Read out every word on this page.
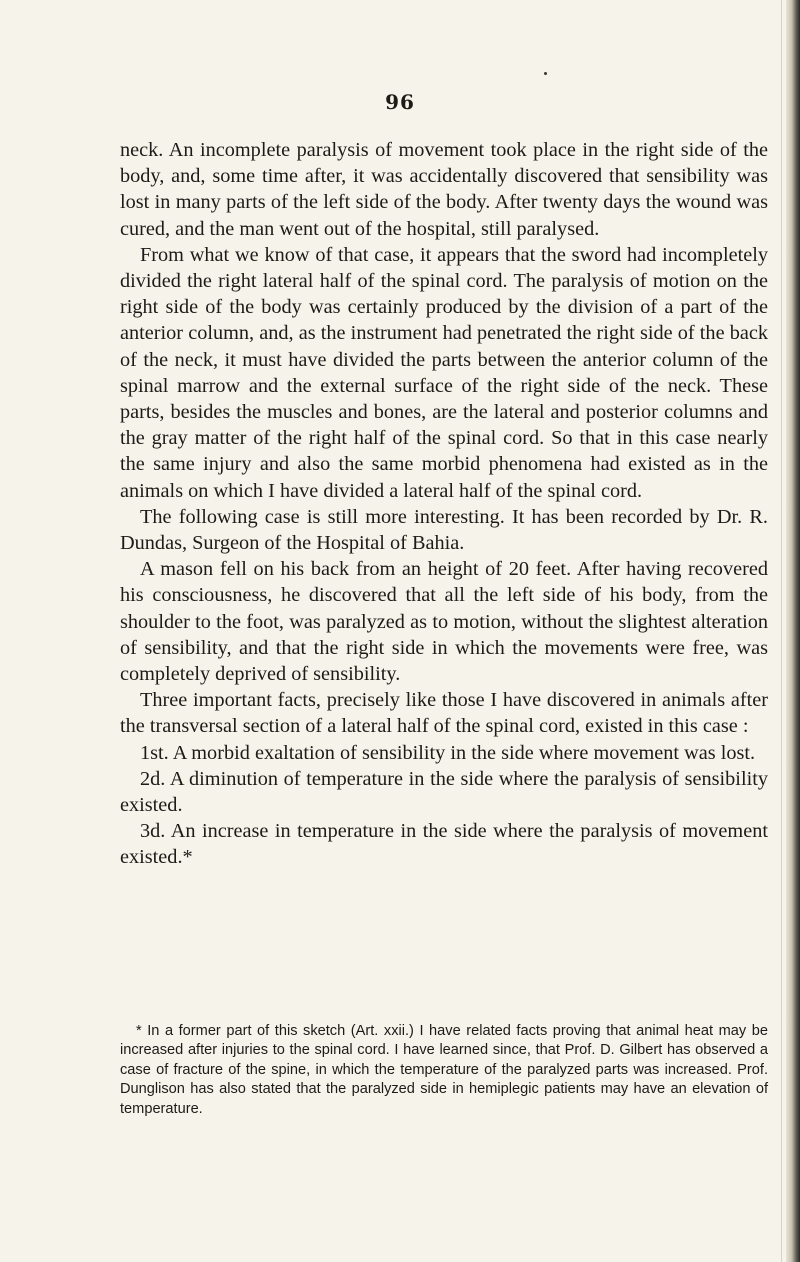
96

neck. An incomplete paralysis of movement took place in the right side of the body, and, some time after, it was accidentally discovered that sensibility was lost in many parts of the left side of the body. After twenty days the wound was cured, and the man went out of the hospital, still paralysed.

From what we know of that case, it appears that the sword had incompletely divided the right lateral half of the spinal cord. The paralysis of motion on the right side of the body was certainly produced by the division of a part of the anterior column, and, as the instrument had penetrated the right side of the back of the neck, it must have divided the parts between the anterior column of the spinal marrow and the external surface of the right side of the neck. These parts, besides the muscles and bones, are the lateral and posterior columns and the gray matter of the right half of the spinal cord. So that in this case nearly the same injury and also the same morbid phenomena had existed as in the animals on which I have divided a lateral half of the spinal cord.

The following case is still more interesting. It has been recorded by Dr. R. Dundas, Surgeon of the Hospital of Bahia.

A mason fell on his back from an height of 20 feet. After having recovered his consciousness, he discovered that all the left side of his body, from the shoulder to the foot, was paralyzed as to motion, without the slightest alteration of sensibility, and that the right side in which the movements were free, was completely deprived of sensibility.

Three important facts, precisely like those I have discovered in animals after the transversal section of a lateral half of the spinal cord, existed in this case :

1st. A morbid exaltation of sensibility in the side where movement was lost.

2d. A diminution of temperature in the side where the paralysis of sensibility existed.

3d. An increase in temperature in the side where the paralysis of movement existed.*

* In a former part of this sketch (Art. xxii.) I have related facts proving that animal heat may be increased after injuries to the spinal cord. I have learned since, that Prof. D. Gilbert has observed a case of fracture of the spine, in which the temperature of the paralyzed parts was increased. Prof. Dunglison has also stated that the paralyzed side in hemiplegic patients may have an elevation of temperature.
